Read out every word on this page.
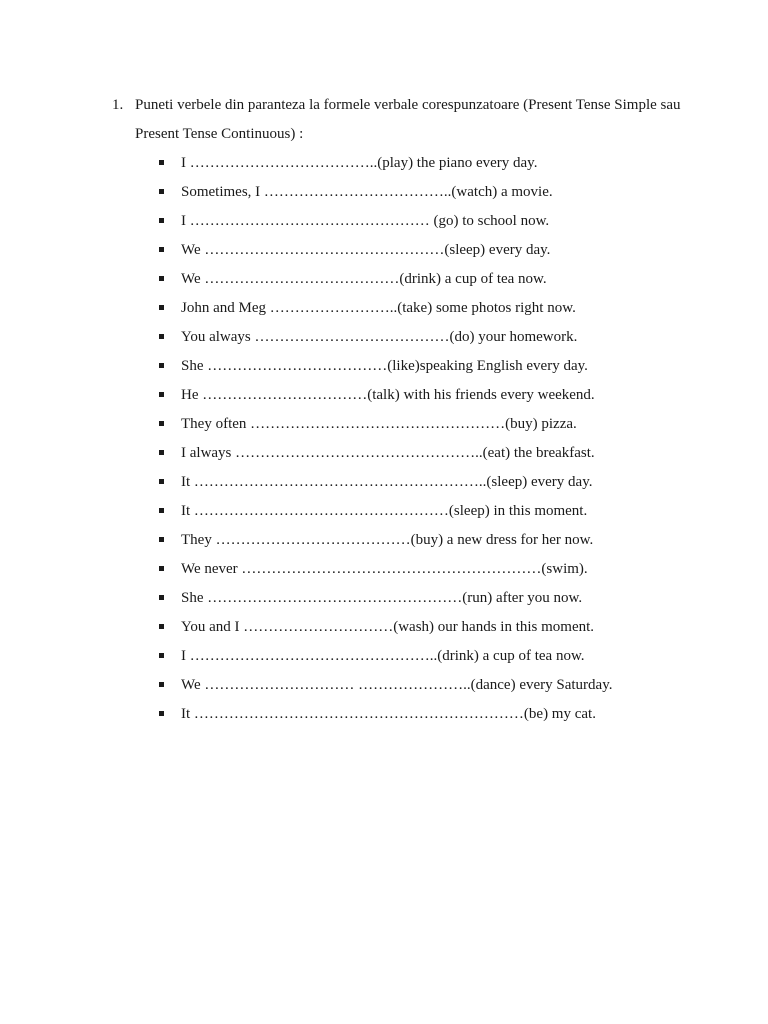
1. Puneti verbele din paranteza la formele verbale corespunzatoare (Present Tense Simple sau Present Tense Continuous) :
I ………………………………..(play) the piano every day.
Sometimes, I ………………………………..(watch) a movie.
I ………………………………………… (go) to school now.
We …………………………………………(sleep) every day.
We …………………………………(drink) a cup of tea now.
John and Meg ……………………..(take) some photos right now.
You always …………………………………(do) your homework.
She ………………………………(like)speaking English every day.
He ……………………………(talk) with his friends every weekend.
They often ……………………………………………(buy) pizza.
I always …………………………………………..(eat) the breakfast.
It …………………………………………………..(sleep) every day.
It ……………………………………………(sleep) in this moment.
They …………………………………(buy) a new dress for her now.
We never ……………………………………………………(swim).
She ……………………………………………(run) after you now.
You and I …………………………(wash) our hands in this moment.
I …………………………………………..(drink) a cup of tea now.
We ………………………… …………………..(dance) every Saturday.
It …………………………………………………………(be) my cat.
